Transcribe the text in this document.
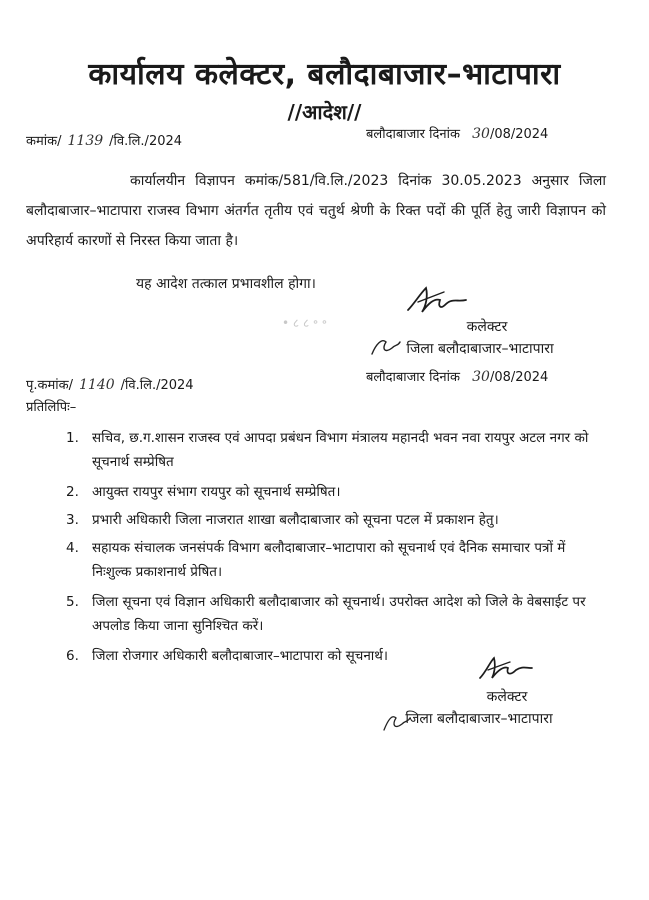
कार्यालय कलेक्टर, बलौदाबाजार–भाटापारा
//आदेश//
कमांक/ 1139 /वि.लि./2024	बलौदाबाजार दिनांक 30/08/2024
कार्यालयीन विज्ञापन कमांक/581/वि.लि./2023 दिनांक 30.05.2023 अनुसार जिला बलौदाबाजार–भाटापारा राजस्व विभाग अंतर्गत तृतीय एवं चतुर्थ श्रेणी के रिक्त पदों की पूर्ति हेतु जारी विज्ञापन को अपरिहार्य कारणों से निरस्त किया जाता है।
यह आदेश तत्काल प्रभावशील होगा।
• ८ ८ ॰ ॰	कलेक्टर
जिला बलौदाबाजार–भाटापारा
पृ.कमांक/ 1140 /वि.लि./2024
बलौदाबाजार दिनांक 30/08/2024
प्रतिलिपिः–
1. सचिव, छ.ग.शासन राजस्व एवं आपदा प्रबंधन विभाग मंत्रालय महानदी भवन नवा रायपुर अटल नगर को सूचनार्थ सम्प्रेषित
2. आयुक्त रायपुर संभाग रायपुर को सूचनार्थ सम्प्रेषित।
3. प्रभारी अधिकारी जिला नाजरात शाखा बलौदाबाजार को सूचना पटल में प्रकाशन हेतु।
4. सहायक संचालक जनसंपर्क विभाग बलौदाबाजार–भाटापारा को सूचनार्थ एवं दैनिक समाचार पत्रों में निःशुल्क प्रकाशनार्थ प्रेषित।
5. जिला सूचना एवं विज्ञान अधिकारी बलौदाबाजार को सूचनार्थ। उपरोक्त आदेश को जिले के वेबसाईट पर अपलोड किया जाना सुनिश्चित करें।
6. जिला रोजगार अधिकारी बलौदाबाजार–भाटापारा को सूचनार्थ।
कलेक्टर
जिला बलौदाबाजार–भाटापारा
